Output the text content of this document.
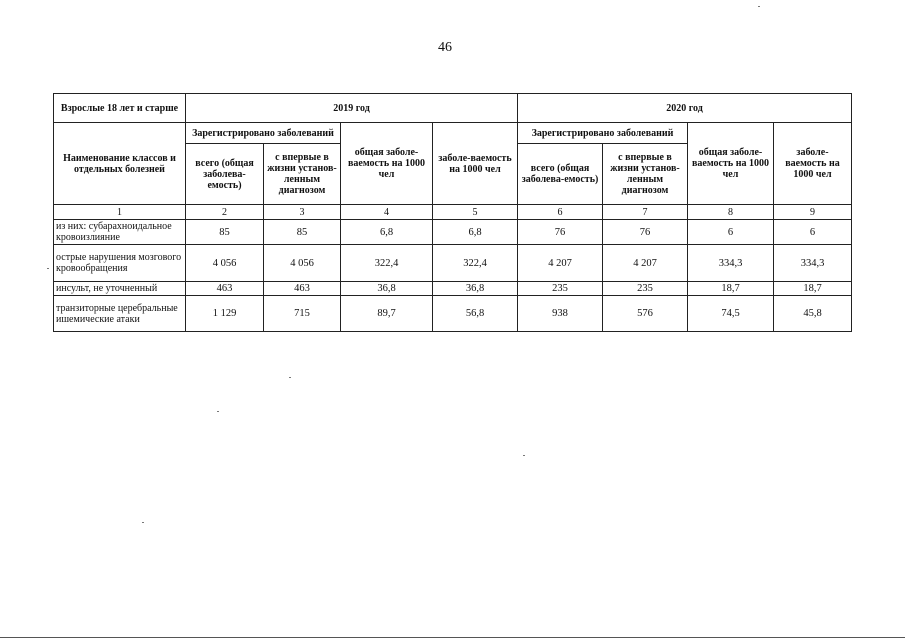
46
Взрослые 18 лет и старше	2019 год				2020 год			
Наименование классов и отдельных болезней	Зарегистрировано заболеваний		общая заболе-ваемость на 1000 чел	заболе-ваемость на 1000 чел	Зарегистрировано заболеваний		общая заболе-ваемость на 1000 чел	заболе-ваемость на 1000 чел
	всего (общая заболева-емость)	с впервые в жизни установ-ленным диагнозом			всего (общая заболева-емость)	с впервые в жизни установ-ленным диагнозом		
1	2	3	4	5	6	7	8	9
из них: субарахноидальное кровоизлияние	85	85	6,8	6,8	76	76	6	6
острые нарушения мозгового кровообращения	4 056	4 056	322,4	322,4	4 207	4 207	334,3	334,3
инсульт, не уточненный	463	463	36,8	36,8	235	235	18,7	18,7
транзиторные церебральные ишемические атаки	1 129	715	89,7	56,8	938	576	74,5	45,8
